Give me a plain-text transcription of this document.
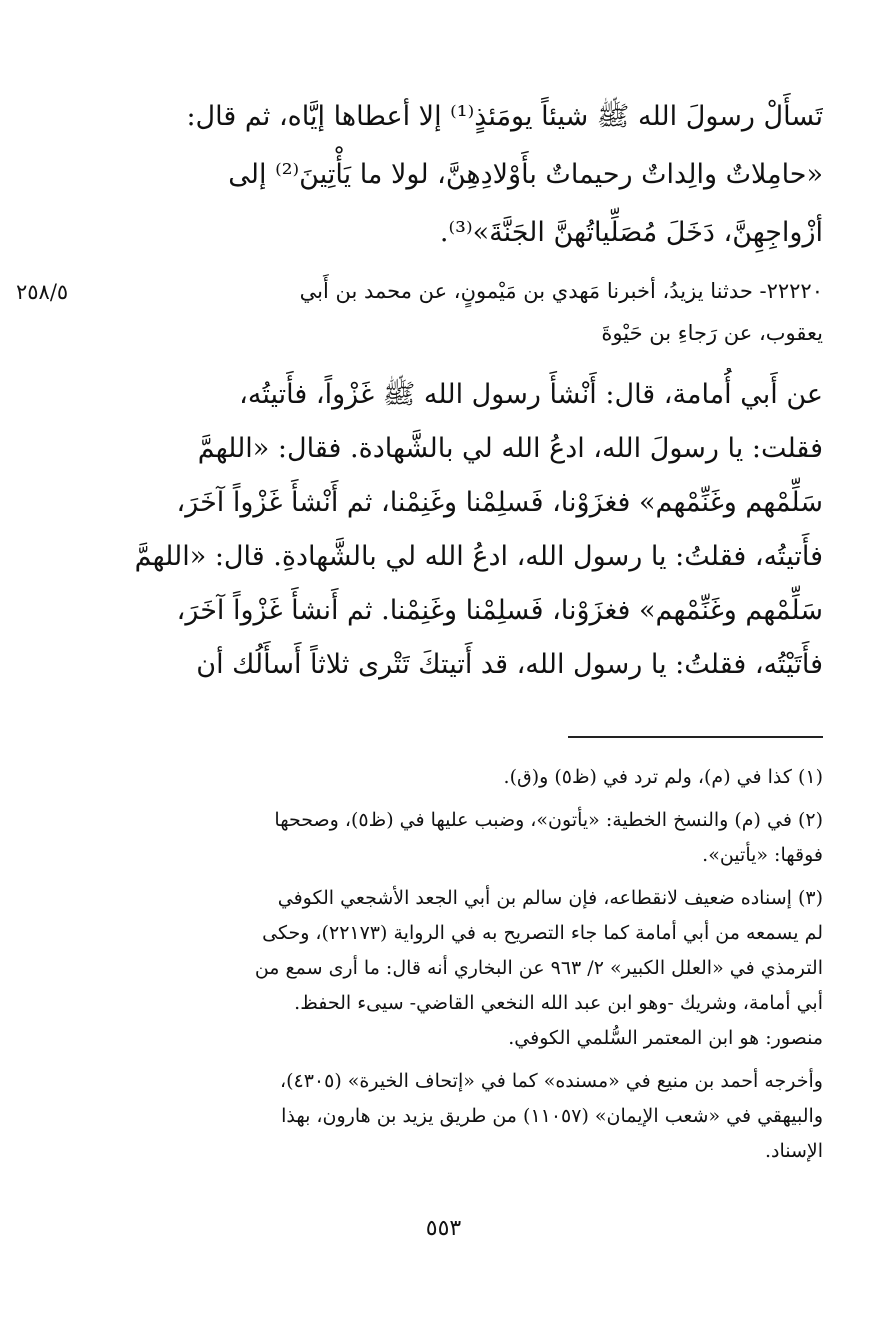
تَسأَلْ رسولَ الله ﷺ شيئاً يومَئذٍ⁽¹⁾ إلا أعطاها إيَّاه، ثم قال:
«حامِلاتٌ والِداتٌ رحيماتٌ بأَوْلادِهِنَّ، لولا ما يَأْتِينَ⁽²⁾ إلى
أزْواجِهِنَّ، دَخَلَ مُصَلِّياتُهنَّ الجَنَّةَ»⁽³⁾.
٢٥٨/٥	٢٢٢٢٠- حدثنا يزيدُ، أخبرنا مَهدي بن مَيْمونٍ، عن محمد بن أَبي
يعقوب، عن رَجاءِ بن حَيْوةَ
عن أَبي أُمامة، قال: أَنْشأَ رسول الله ﷺ غَزْواً، فأَتيتُه،
فقلت: يا رسولَ الله، ادعُ الله لي بالشَّهادة. فقال: «اللهمَّ
سَلِّمْهم وغَنِّمْهم» فغزَوْنا، فَسلِمْنا وغَنِمْنا، ثم أَنْشأَ غَزْواً آخَرَ،
فأَتيتُه، فقلتُ: يا رسول الله، ادعُ الله لي بالشَّهادةِ. قال: «اللهمَّ
سَلِّمْهم وغَنِّمْهم» فغزَوْنا، فَسلِمْنا وغَنِمْنا. ثم أَنشأَ غَزْواً آخَرَ،
فأَتَيْتُه، فقلتُ: يا رسول الله، قد أَتيتكَ تَتْرى ثلاثاً أَسأَلُك أن
(١) كذا في (م)، ولم ترد في (ظ٥) و(ق).
(٢) في (م) والنسخ الخطية: «يأتون»، وضبب عليها في (ظ٥)، وصححها
فوقها: «يأتين».
(٣) إسناده ضعيف لانقطاعه، فإن سالم بن أبي الجعد الأشجعي الكوفي
لم يسمعه من أبي أمامة كما جاء التصريح به في الرواية (٢٢١٧٣)، وحكى
الترمذي في «العلل الكبير» ٢/ ٩٦٣ عن البخاري أنه قال: ما أرى سمع من
أبي أمامة، وشريك -وهو ابن عبد الله النخعي القاضي- سيىء الحفظ.
منصور: هو ابن المعتمر السُّلمي الكوفي.
وأخرجه أحمد بن منيع في «مسنده» كما في «إتحاف الخيرة» (٤٣٠٥)،
والبيهقي في «شعب الإيمان» (١١٠٥٧) من طريق يزيد بن هارون، بهذا
الإسناد.
٥٥٣
